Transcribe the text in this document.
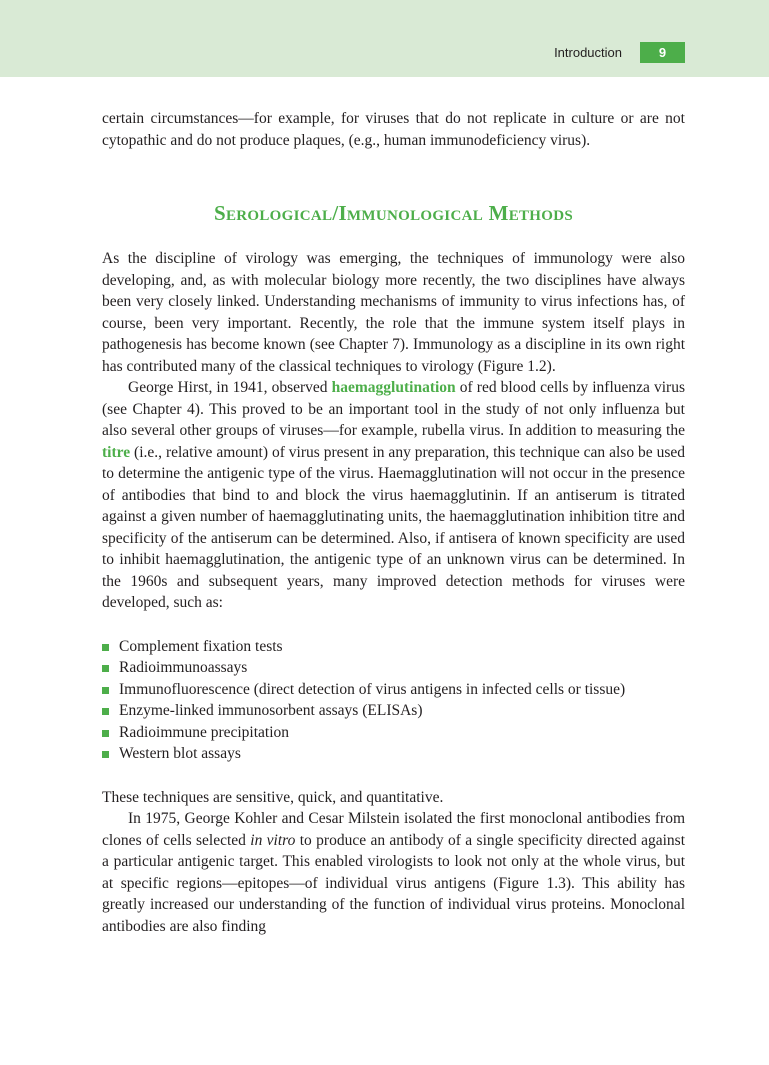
Introduction	9

certain circumstances—for example, for viruses that do not replicate in culture or are not cytopathic and do not produce plaques, (e.g., human immunodeficiency virus).

Serological/Immunological Methods

As the discipline of virology was emerging, the techniques of immunology were also developing, and, as with molecular biology more recently, the two disciplines have always been very closely linked. Understanding mechanisms of immunity to virus infections has, of course, been very important. Recently, the role that the immune system itself plays in pathogenesis has become known (see Chapter 7). Immunology as a discipline in its own right has contributed many of the classical techniques to virology (Figure 1.2).

George Hirst, in 1941, observed haemagglutination of red blood cells by influenza virus (see Chapter 4). This proved to be an important tool in the study of not only influenza but also several other groups of viruses—for example, rubella virus. In addition to measuring the titre (i.e., relative amount) of virus present in any preparation, this technique can also be used to determine the antigenic type of the virus. Haemagglutination will not occur in the presence of antibodies that bind to and block the virus haemagglutinin. If an antiserum is titrated against a given number of haemagglutinating units, the haemagglutination inhibition titre and specificity of the antiserum can be determined. Also, if antisera of known specificity are used to inhibit haemagglutination, the antigenic type of an unknown virus can be determined. In the 1960s and subsequent years, many improved detection methods for viruses were developed, such as:

Complement fixation tests
Radioimmunoassays
Immunofluorescence (direct detection of virus antigens in infected cells or tissue)
Enzyme-linked immunosorbent assays (ELISAs)
Radioimmune precipitation
Western blot assays

These techniques are sensitive, quick, and quantitative.

In 1975, George Kohler and Cesar Milstein isolated the first monoclonal antibodies from clones of cells selected in vitro to produce an antibody of a single specificity directed against a particular antigenic target. This enabled virologists to look not only at the whole virus, but at specific regions—epitopes—of individual virus antigens (Figure 1.3). This ability has greatly increased our understanding of the function of individual virus proteins. Monoclonal antibodies are also finding
